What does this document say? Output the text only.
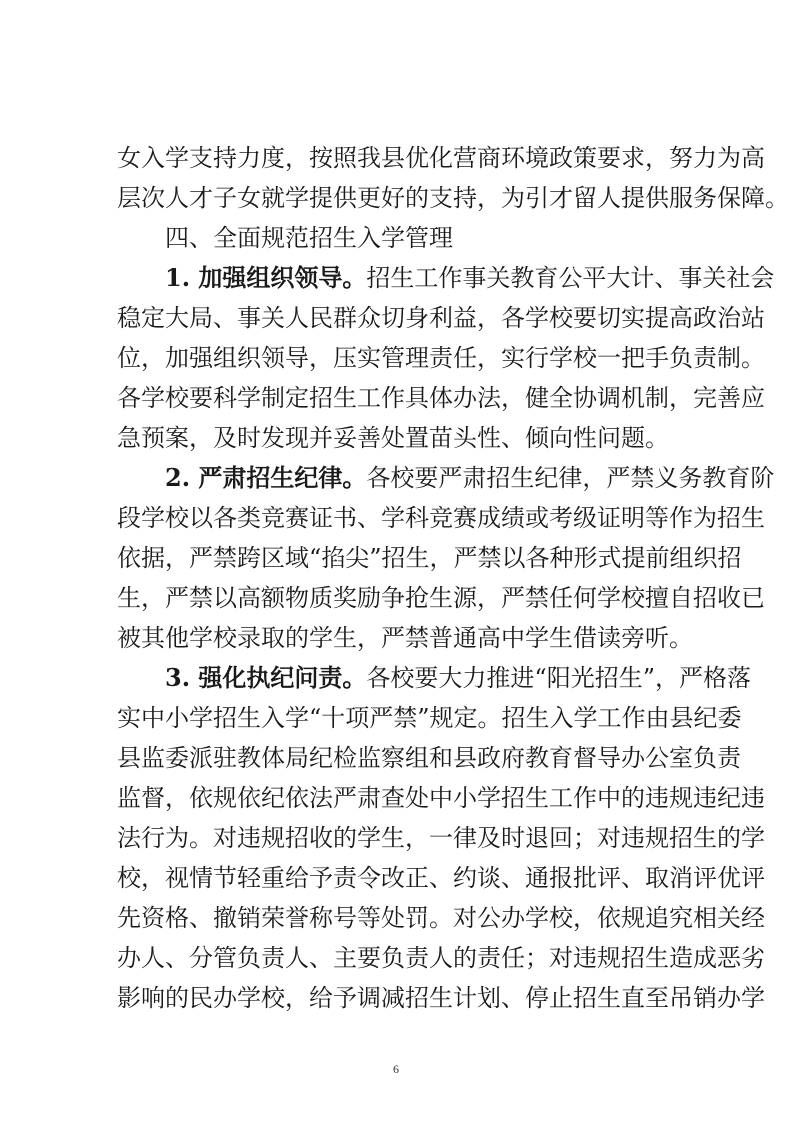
女入学支持力度，按照我县优化营商环境政策要求，努力为高
层次人才子女就学提供更好的支持，为引才留人提供服务保障。
四、全面规范招生入学管理
1. 加强组织领导。招生工作事关教育公平大计、事关社会
稳定大局、事关人民群众切身利益，各学校要切实提高政治站
位，加强组织领导，压实管理责任，实行学校一把手负责制。
各学校要科学制定招生工作具体办法，健全协调机制，完善应
急预案，及时发现并妥善处置苗头性、倾向性问题。
2. 严肃招生纪律。各校要严肃招生纪律，严禁义务教育阶
段学校以各类竞赛证书、学科竞赛成绩或考级证明等作为招生
依据，严禁跨区域“掐尖”招生，严禁以各种形式提前组织招
生，严禁以高额物质奖励争抢生源，严禁任何学校擅自招收已
被其他学校录取的学生，严禁普通高中学生借读旁听。
3. 强化执纪问责。各校要大力推进“阳光招生”，严格落
实中小学招生入学“十项严禁”规定。招生入学工作由县纪委
县监委派驻教体局纪检监察组和县政府教育督导办公室负责
监督，依规依纪依法严肃查处中小学招生工作中的违规违纪违
法行为。对违规招收的学生，一律及时退回；对违规招生的学
校，视情节轻重给予责令改正、约谈、通报批评、取消评优评
先资格、撤销荣誉称号等处罚。对公办学校，依规追究相关经
办人、分管负责人、主要负责人的责任；对违规招生造成恶劣
影响的民办学校，给予调减招生计划、停止招生直至吊销办学
6
